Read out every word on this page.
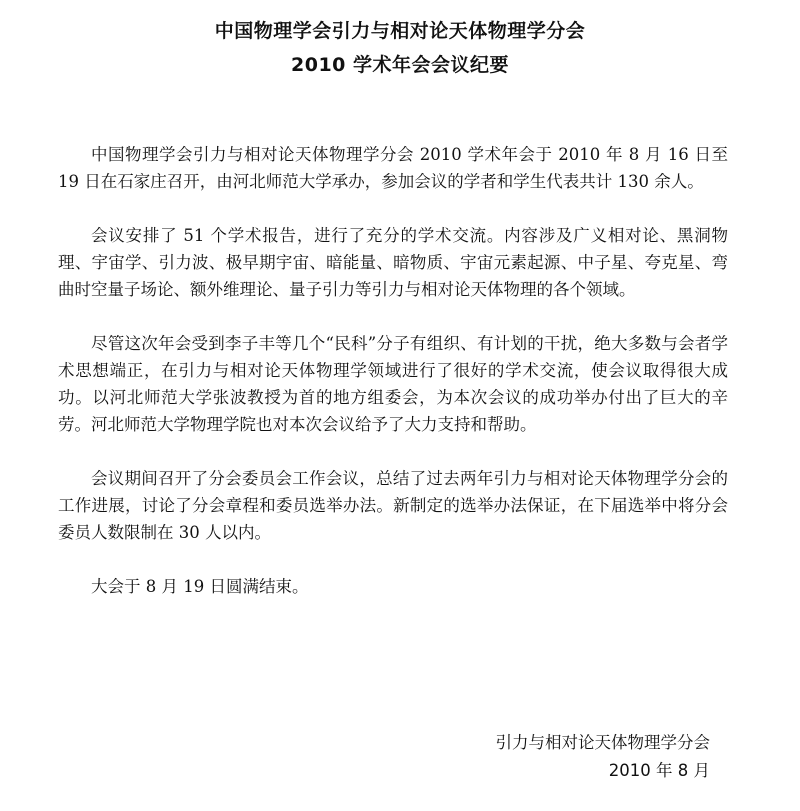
中国物理学会引力与相对论天体物理学分会
2010 学术年会会议纪要

中国物理学会引力与相对论天体物理学分会 2010 学术年会于 2010 年 8 月 16 日至 19 日在石家庄召开，由河北师范大学承办，参加会议的学者和学生代表共计 130 余人。

会议安排了 51 个学术报告，进行了充分的学术交流。内容涉及广义相对论、黑洞物理、宇宙学、引力波、极早期宇宙、暗能量、暗物质、宇宙元素起源、中子星、夸克星、弯曲时空量子场论、额外维理论、量子引力等引力与相对论天体物理的各个领域。

尽管这次年会受到李子丰等几个“民科”分子有组织、有计划的干扰，绝大多数与会者学术思想端正，在引力与相对论天体物理学领域进行了很好的学术交流，使会议取得很大成功。以河北师范大学张波教授为首的地方组委会，为本次会议的成功举办付出了巨大的辛劳。河北师范大学物理学院也对本次会议给予了大力支持和帮助。

会议期间召开了分会委员会工作会议，总结了过去两年引力与相对论天体物理学分会的工作进展，讨论了分会章程和委员选举办法。新制定的选举办法保证，在下届选举中将分会委员人数限制在 30 人以内。

大会于 8 月 19 日圆满结束。

引力与相对论天体物理学分会
2010 年 8 月
